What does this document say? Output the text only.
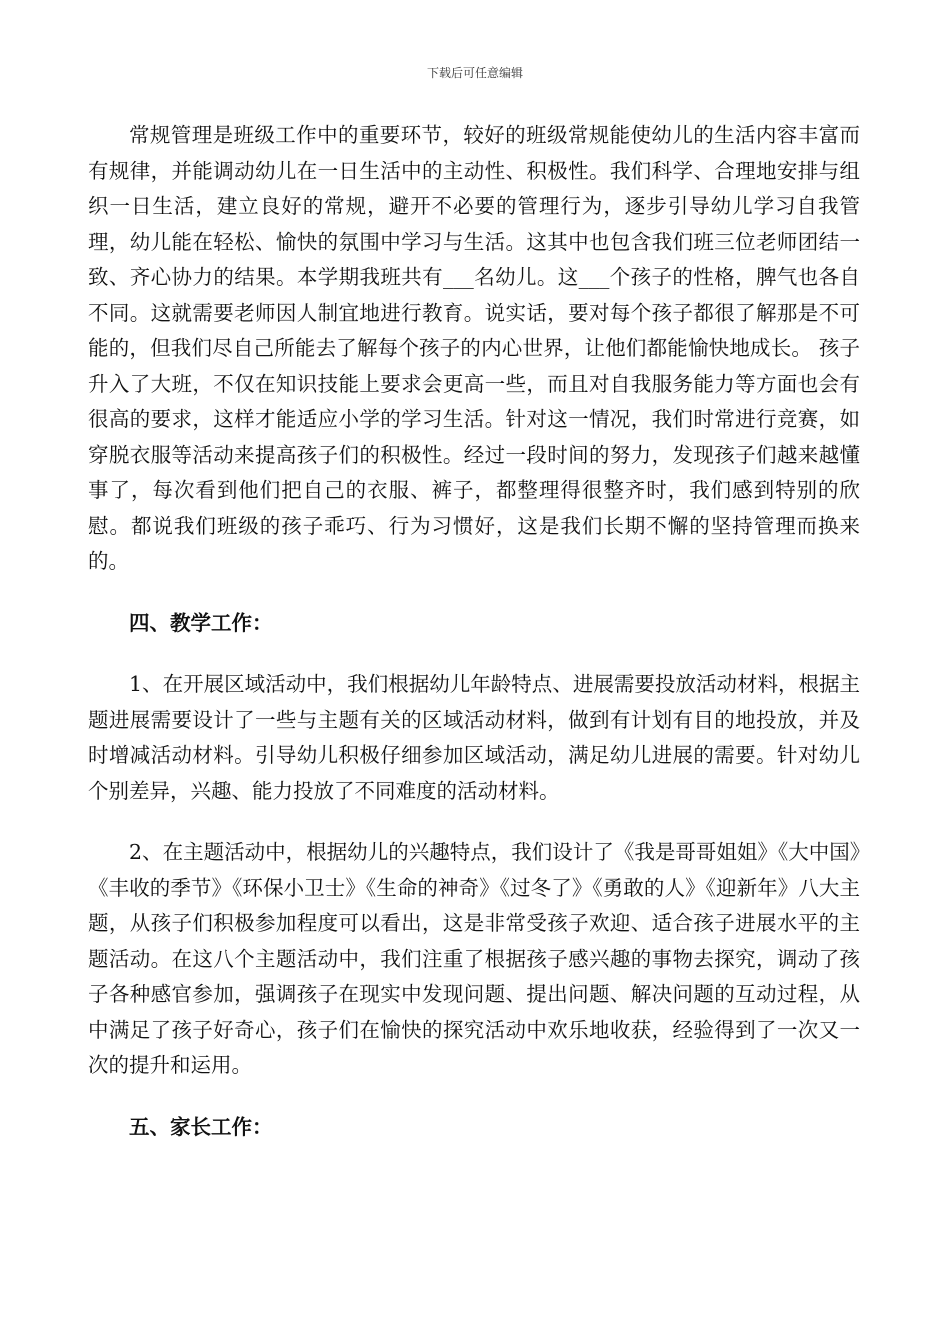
下载后可任意编辑

常规管理是班级工作中的重要环节，较好的班级常规能使幼儿的生活内容丰富而有规律，并能调动幼儿在一日生活中的主动性、积极性。我们科学、合理地安排与组织一日生活，建立良好的常规，避开不必要的管理行为，逐步引导幼儿学习自我管理，幼儿能在轻松、愉快的氛围中学习与生活。这其中也包含我们班三位老师团结一致、齐心协力的结果。本学期我班共有___名幼儿。这___个孩子的性格，脾气也各自不同。这就需要老师因人制宜地进行教育。说实话，要对每个孩子都很了解那是不可能的，但我们尽自己所能去了解每个孩子的内心世界，让他们都能愉快地成长。 孩子升入了大班，不仅在知识技能上要求会更高一些，而且对自我服务能力等方面也会有很高的要求，这样才能适应小学的学习生活。针对这一情况，我们时常进行竞赛，如穿脱衣服等活动来提高孩子们的积极性。经过一段时间的努力，发现孩子们越来越懂事了，每次看到他们把自己的衣服、裤子，都整理得很整齐时，我们感到特别的欣慰。都说我们班级的孩子乖巧、行为习惯好，这是我们长期不懈的坚持管理而换来的。

四、教学工作：

1、在开展区域活动中，我们根据幼儿年龄特点、进展需要投放活动材料，根据主题进展需要设计了一些与主题有关的区域活动材料，做到有计划有目的地投放，并及时增减活动材料。引导幼儿积极仔细参加区域活动，满足幼儿进展的需要。针对幼儿个别差异，兴趣、能力投放了不同难度的活动材料。

2、在主题活动中，根据幼儿的兴趣特点，我们设计了《我是哥哥姐姐》《大中国》《丰收的季节》《环保小卫士》《生命的神奇》《过冬了》《勇敢的人》《迎新年》八大主题，从孩子们积极参加程度可以看出，这是非常受孩子欢迎、适合孩子进展水平的主题活动。在这八个主题活动中，我们注重了根据孩子感兴趣的事物去探究，调动了孩子各种感官参加，强调孩子在现实中发现问题、提出问题、解决问题的互动过程，从中满足了孩子好奇心，孩子们在愉快的探究活动中欢乐地收获，经验得到了一次又一次的提升和运用。

五、家长工作：
